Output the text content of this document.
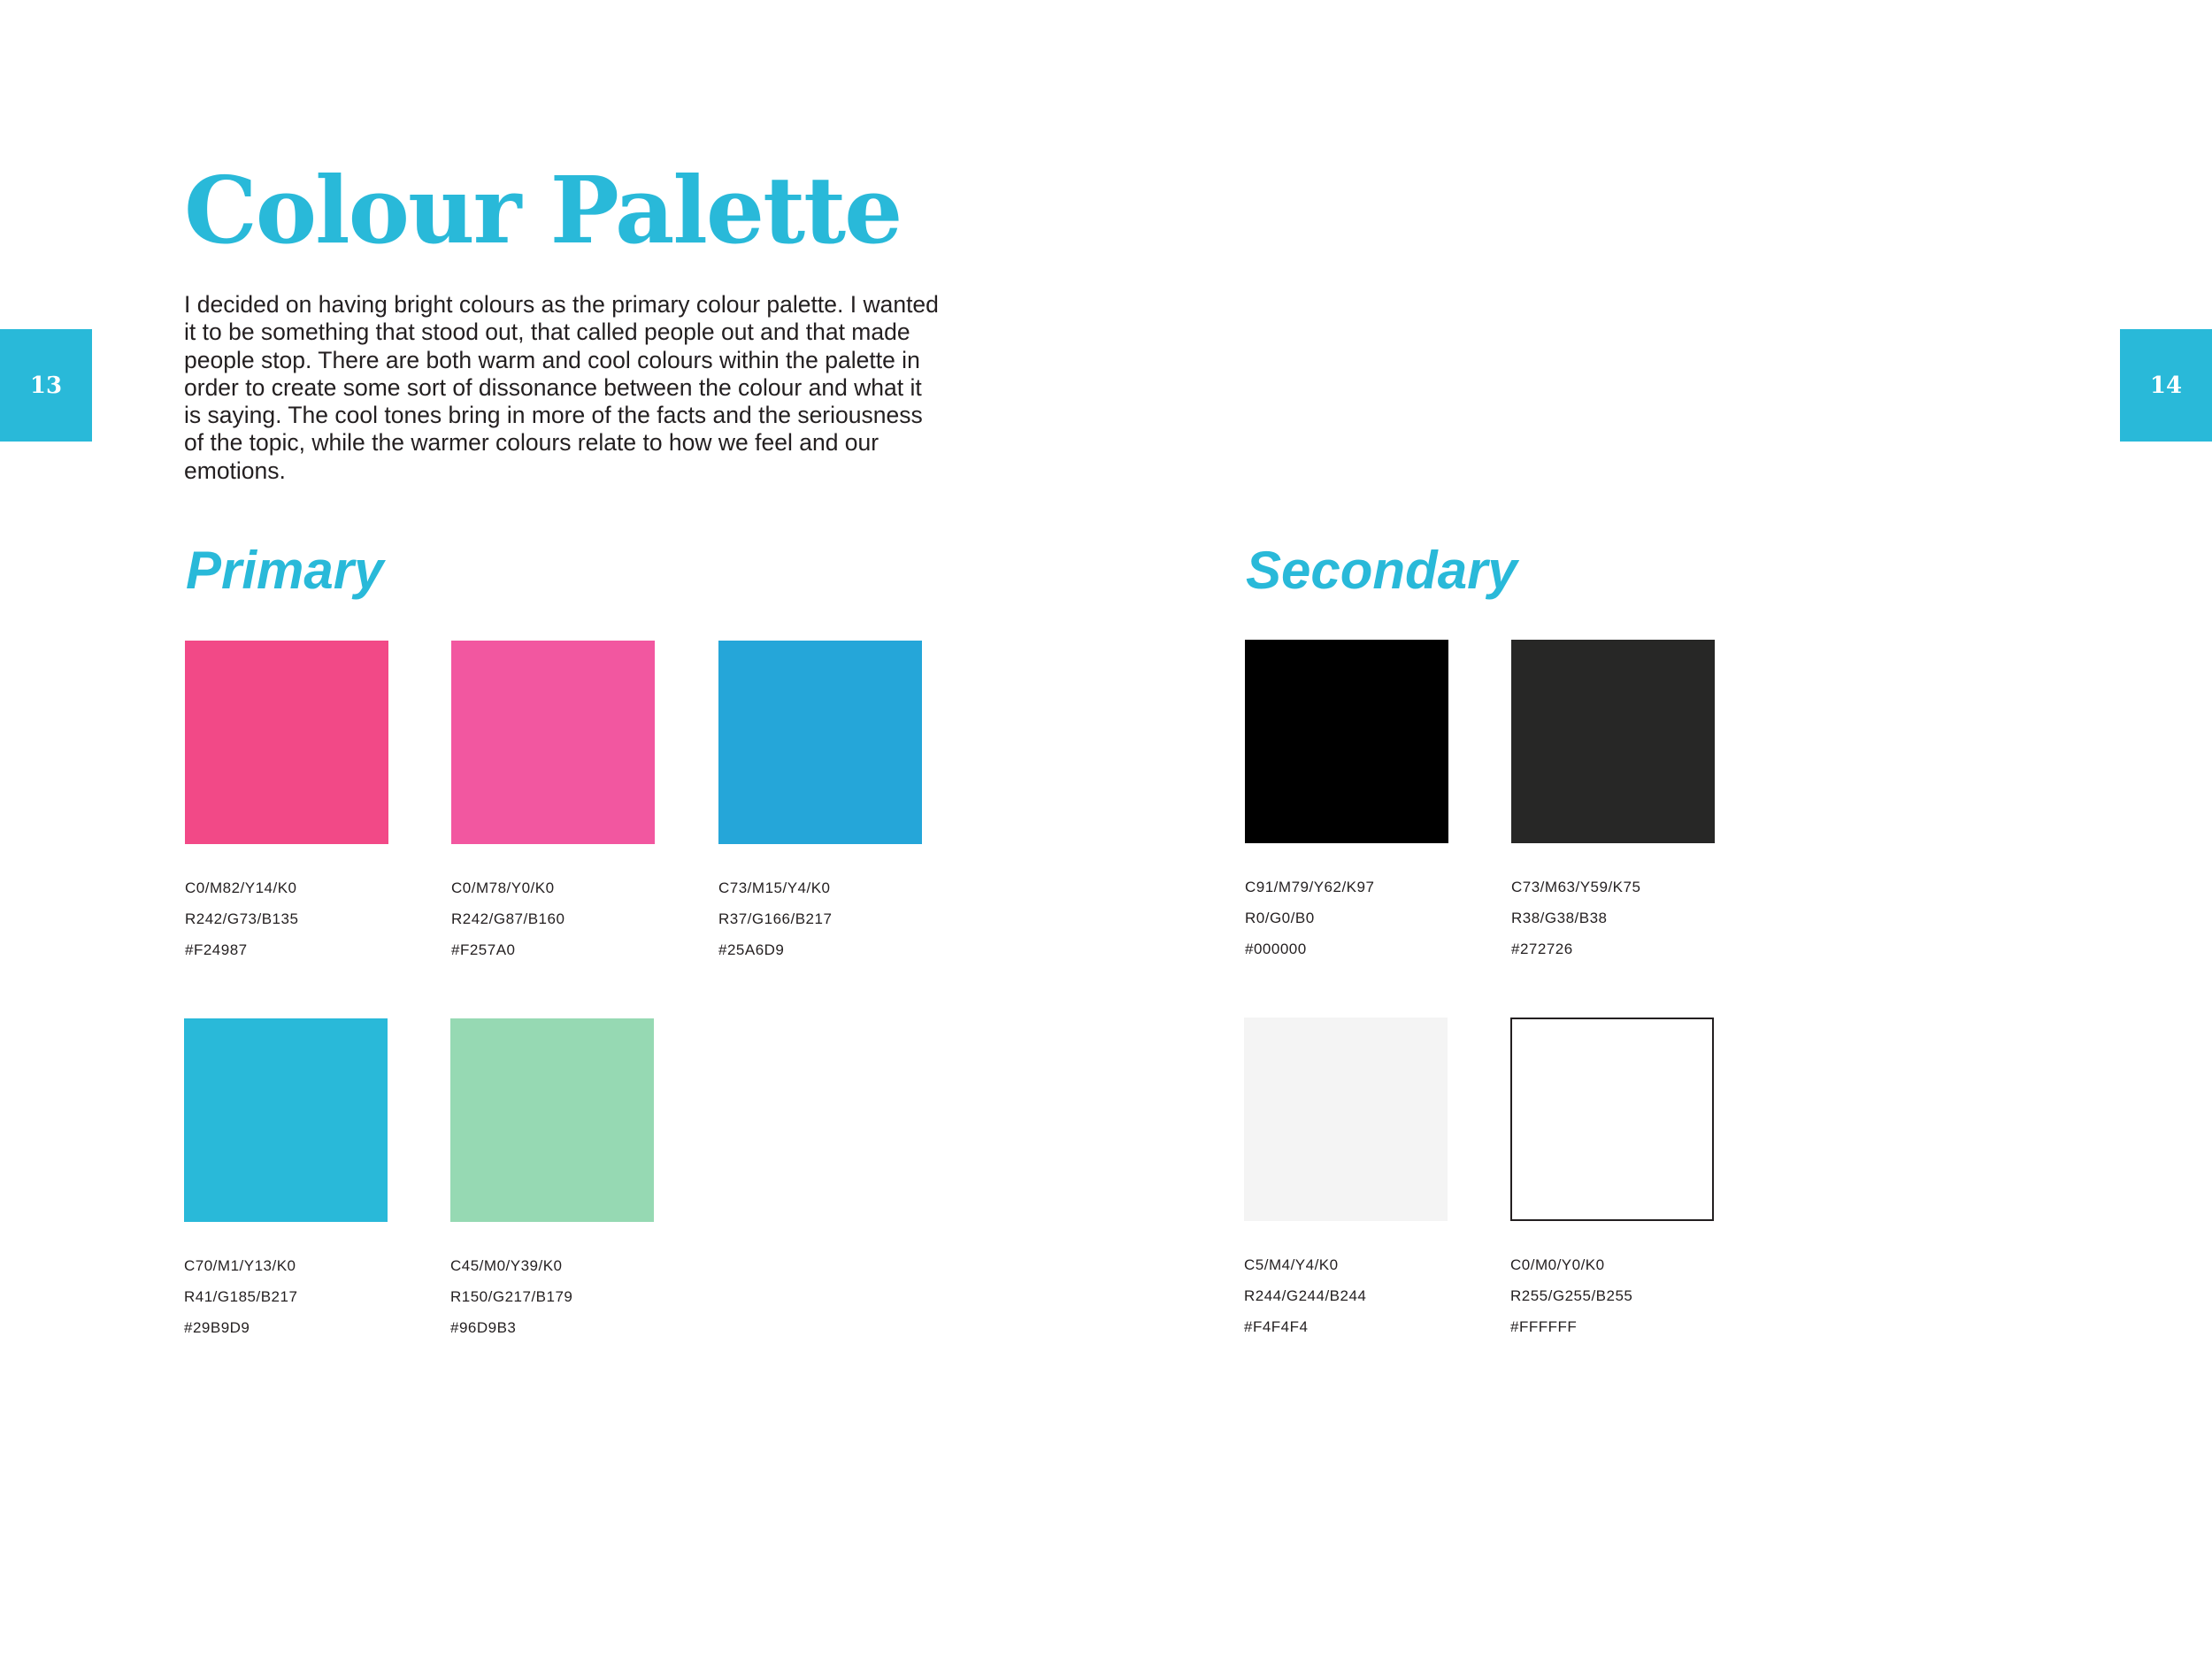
13	14
Colour Palette

I decided on having bright colours as the primary colour palette. I wanted it to be something that stood out, that called people out and that made people stop. There are both warm and cool colours within the palette in order to create some sort of dissonance between the colour and what it is saying. The cool tones bring in more of the facts and the seriousness of the topic, while the warmer colours relate to how we feel and our emotions.

Primary	Secondary
C0/M82/Y14/K0
R242/G73/B135
#F24987
C0/M78/Y0/K0
R242/G87/B160
#F257A0
C73/M15/Y4/K0
R37/G166/B217
#25A6D9
C70/M1/Y13/K0
R41/G185/B217
#29B9D9
C45/M0/Y39/K0
R150/G217/B179
#96D9B3
C91/M79/Y62/K97
R0/G0/B0
#000000
C73/M63/Y59/K75
R38/G38/B38
#272726
C5/M4/Y4/K0
R244/G244/B244
#F4F4F4
C0/M0/Y0/K0
R255/G255/B255
#FFFFFF
